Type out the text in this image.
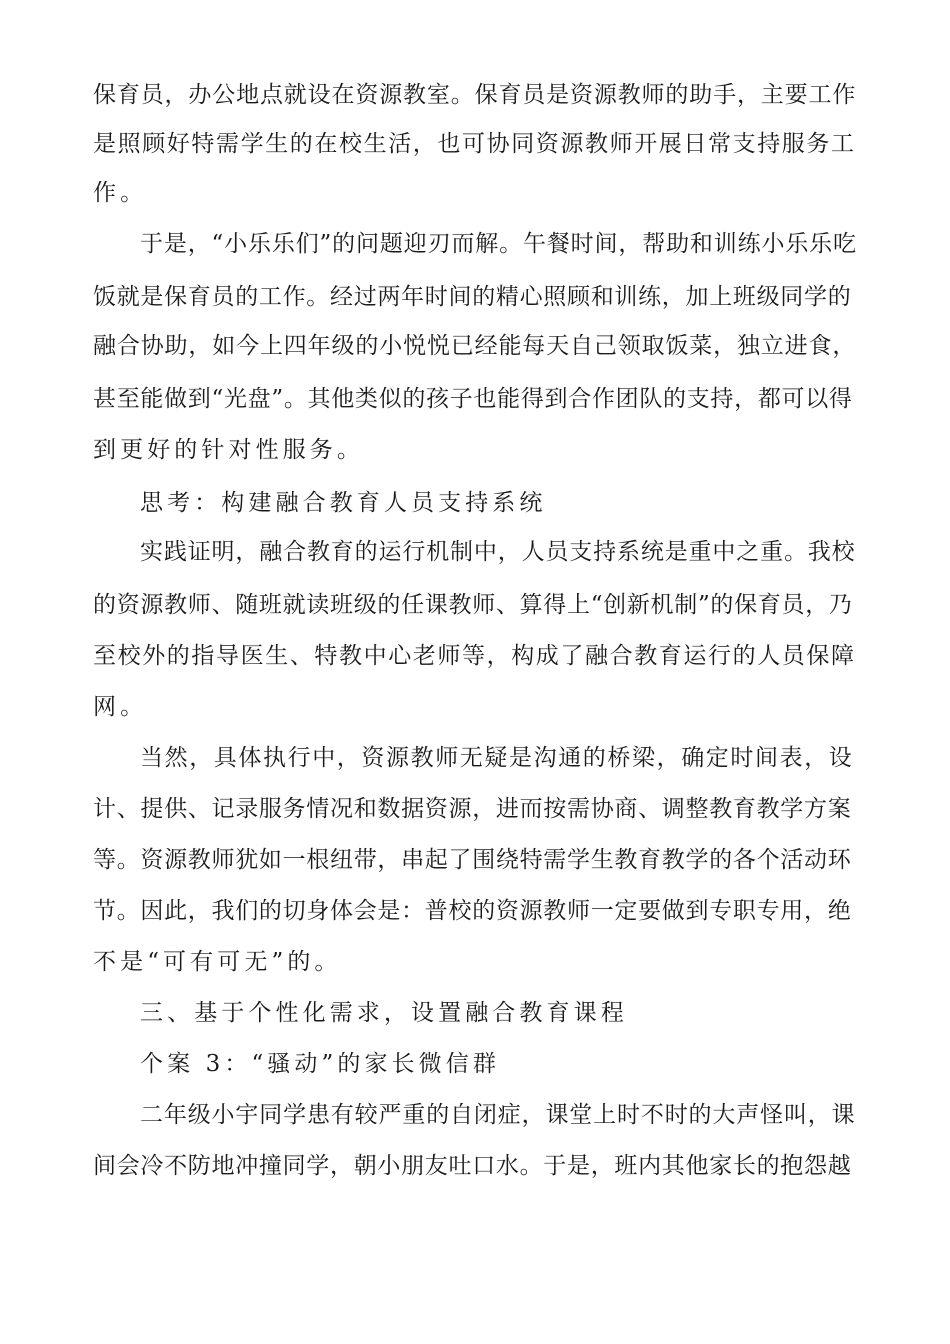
保育员，办公地点就设在资源教室。保育员是资源教师的助手，主要工作

是照顾好特需学生的在校生活，也可协同资源教师开展日常支持服务工

作。

于是，“小乐乐们”的问题迎刃而解。午餐时间，帮助和训练小乐乐吃

饭就是保育员的工作。经过两年时间的精心照顾和训练，加上班级同学的

融合协助，如今上四年级的小悦悦已经能每天自己领取饭菜，独立进食，

甚至能做到“光盘”。其他类似的孩子也能得到合作团队的支持，都可以得

到更好的针对性服务。

思考：构建融合教育人员支持系统

实践证明，融合教育的运行机制中，人员支持系统是重中之重。我校

的资源教师、随班就读班级的任课教师、算得上“创新机制”的保育员，乃

至校外的指导医生、特教中心老师等，构成了融合教育运行的人员保障

网。

当然，具体执行中，资源教师无疑是沟通的桥梁，确定时间表，设

计、提供、记录服务情况和数据资源，进而按需协商、调整教育教学方案

等。资源教师犹如一根纽带，串起了围绕特需学生教育教学的各个活动环

节。因此，我们的切身体会是：普校的资源教师一定要做到专职专用，绝

不是“可有可无”的。

三、基于个性化需求，设置融合教育课程

个案 3：“骚动”的家长微信群

二年级小宇同学患有较严重的自闭症，课堂上时不时的大声怪叫，课

间会冷不防地冲撞同学，朝小朋友吐口水。于是，班内其他家长的抱怨越
